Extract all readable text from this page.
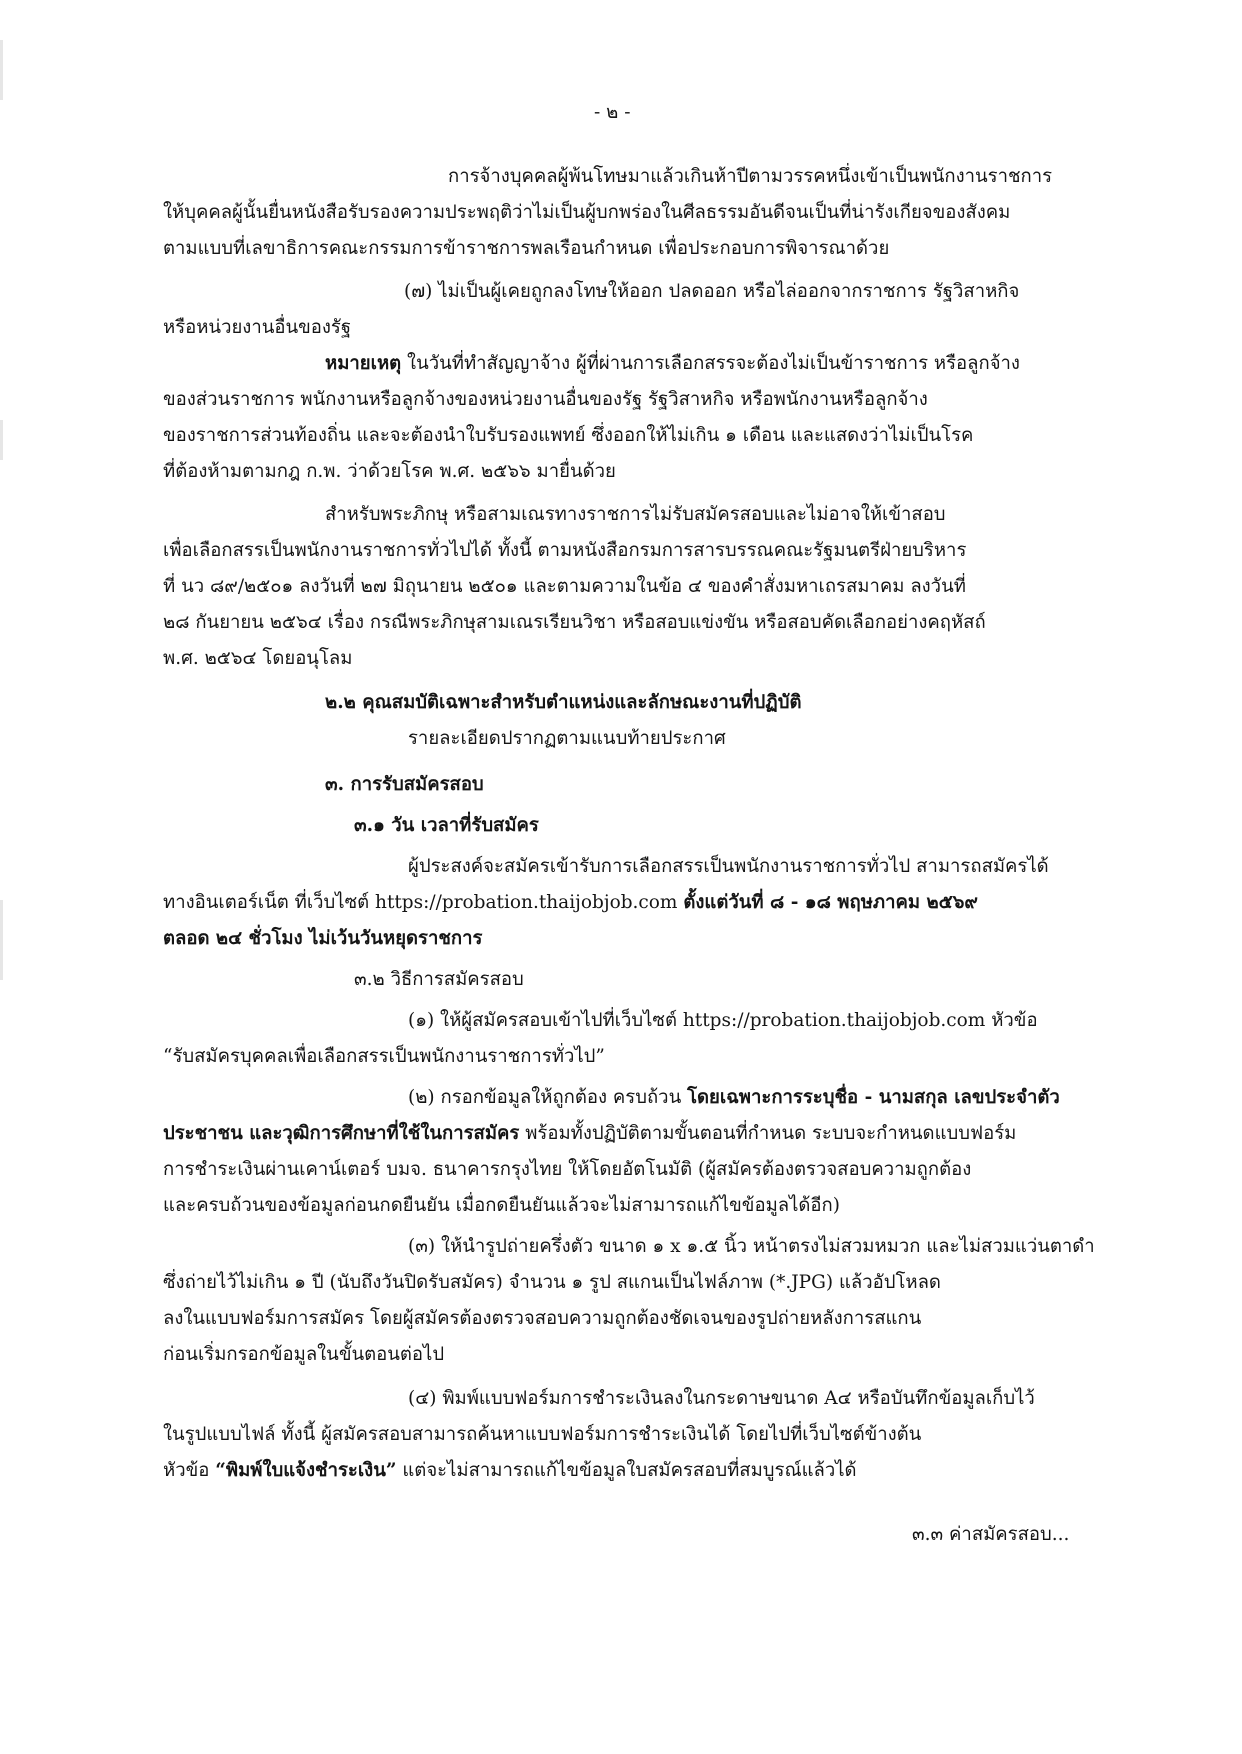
- ๒ -
การจ้างบุคคลผู้พ้นโทษมาแล้วเกินห้าปีตามวรรคหนึ่งเข้าเป็นพนักงานราชการ
ให้บุคคลผู้นั้นยื่นหนังสือรับรองความประพฤติว่าไม่เป็นผู้บกพร่องในศีลธรรมอันดีจนเป็นที่น่ารังเกียจของสังคม
ตามแบบที่เลขาธิการคณะกรรมการข้าราชการพลเรือนกำหนด เพื่อประกอบการพิจารณาด้วย
(๗) ไม่เป็นผู้เคยถูกลงโทษให้ออก ปลดออก หรือไล่ออกจากราชการ รัฐวิสาหกิจ
หรือหน่วยงานอื่นของรัฐ
หมายเหตุ ในวันที่ทำสัญญาจ้าง ผู้ที่ผ่านการเลือกสรรจะต้องไม่เป็นข้าราชการ หรือลูกจ้าง
ของส่วนราชการ พนักงานหรือลูกจ้างของหน่วยงานอื่นของรัฐ รัฐวิสาหกิจ หรือพนักงานหรือลูกจ้าง
ของราชการส่วนท้องถิ่น และจะต้องนำใบรับรองแพทย์ ซึ่งออกให้ไม่เกิน ๑ เดือน และแสดงว่าไม่เป็นโรค
ที่ต้องห้ามตามกฎ ก.พ. ว่าด้วยโรค พ.ศ. ๒๕๖๖ มายื่นด้วย
สำหรับพระภิกษุ หรือสามเณรทางราชการไม่รับสมัครสอบและไม่อาจให้เข้าสอบ
เพื่อเลือกสรรเป็นพนักงานราชการทั่วไปได้ ทั้งนี้ ตามหนังสือกรมการสารบรรณคณะรัฐมนตรีฝ่ายบริหาร
ที่ นว ๘๙/๒๕๐๑ ลงวันที่ ๒๗ มิถุนายน ๒๕๐๑ และตามความในข้อ ๔ ของคำสั่งมหาเถรสมาคม ลงวันที่
๒๘ กันยายน ๒๕๖๔ เรื่อง กรณีพระภิกษุสามเณรเรียนวิชา หรือสอบแข่งขัน หรือสอบคัดเลือกอย่างคฤหัสถ์
พ.ศ. ๒๕๖๔ โดยอนุโลม
๒.๒ คุณสมบัติเฉพาะสำหรับตำแหน่งและลักษณะงานที่ปฏิบัติ
รายละเอียดปรากฏตามแนบท้ายประกาศ
๓. การรับสมัครสอบ
๓.๑ วัน เวลาที่รับสมัคร
ผู้ประสงค์จะสมัครเข้ารับการเลือกสรรเป็นพนักงานราชการทั่วไป สามารถสมัครได้
ทางอินเตอร์เน็ต ที่เว็บไซต์ https://probation.thaijobjob.com ตั้งแต่วันที่ ๘ - ๑๘ พฤษภาคม ๒๕๖๙
ตลอด ๒๔ ชั่วโมง ไม่เว้นวันหยุดราชการ
๓.๒ วิธีการสมัครสอบ
(๑) ให้ผู้สมัครสอบเข้าไปที่เว็บไซต์ https://probation.thaijobjob.com หัวข้อ
“รับสมัครบุคคลเพื่อเลือกสรรเป็นพนักงานราชการทั่วไป”
(๒) กรอกข้อมูลให้ถูกต้อง ครบถ้วน โดยเฉพาะการระบุชื่อ - นามสกุล เลขประจำตัว
ประชาชน และวุฒิการศึกษาที่ใช้ในการสมัคร พร้อมทั้งปฏิบัติตามขั้นตอนที่กำหนด ระบบจะกำหนดแบบฟอร์ม
การชำระเงินผ่านเคาน์เตอร์ บมจ. ธนาคารกรุงไทย ให้โดยอัตโนมัติ (ผู้สมัครต้องตรวจสอบความถูกต้อง
และครบถ้วนของข้อมูลก่อนกดยืนยัน เมื่อกดยืนยันแล้วจะไม่สามารถแก้ไขข้อมูลได้อีก)
(๓) ให้นำรูปถ่ายครึ่งตัว ขนาด ๑ x ๑.๕ นิ้ว หน้าตรงไม่สวมหมวก และไม่สวมแว่นตาดำ
ซึ่งถ่ายไว้ไม่เกิน ๑ ปี (นับถึงวันปิดรับสมัคร) จำนวน ๑ รูป สแกนเป็นไฟล์ภาพ (*.JPG) แล้วอัปโหลด
ลงในแบบฟอร์มการสมัคร โดยผู้สมัครต้องตรวจสอบความถูกต้องชัดเจนของรูปถ่ายหลังการสแกน
ก่อนเริ่มกรอกข้อมูลในขั้นตอนต่อไป
(๔) พิมพ์แบบฟอร์มการชำระเงินลงในกระดาษขนาด A๔ หรือบันทึกข้อมูลเก็บไว้
ในรูปแบบไฟล์ ทั้งนี้ ผู้สมัครสอบสามารถค้นหาแบบฟอร์มการชำระเงินได้ โดยไปที่เว็บไซต์ข้างต้น
หัวข้อ “พิมพ์ใบแจ้งชำระเงิน” แต่จะไม่สามารถแก้ไขข้อมูลใบสมัครสอบที่สมบูรณ์แล้วได้
๓.๓ ค่าสมัครสอบ...
